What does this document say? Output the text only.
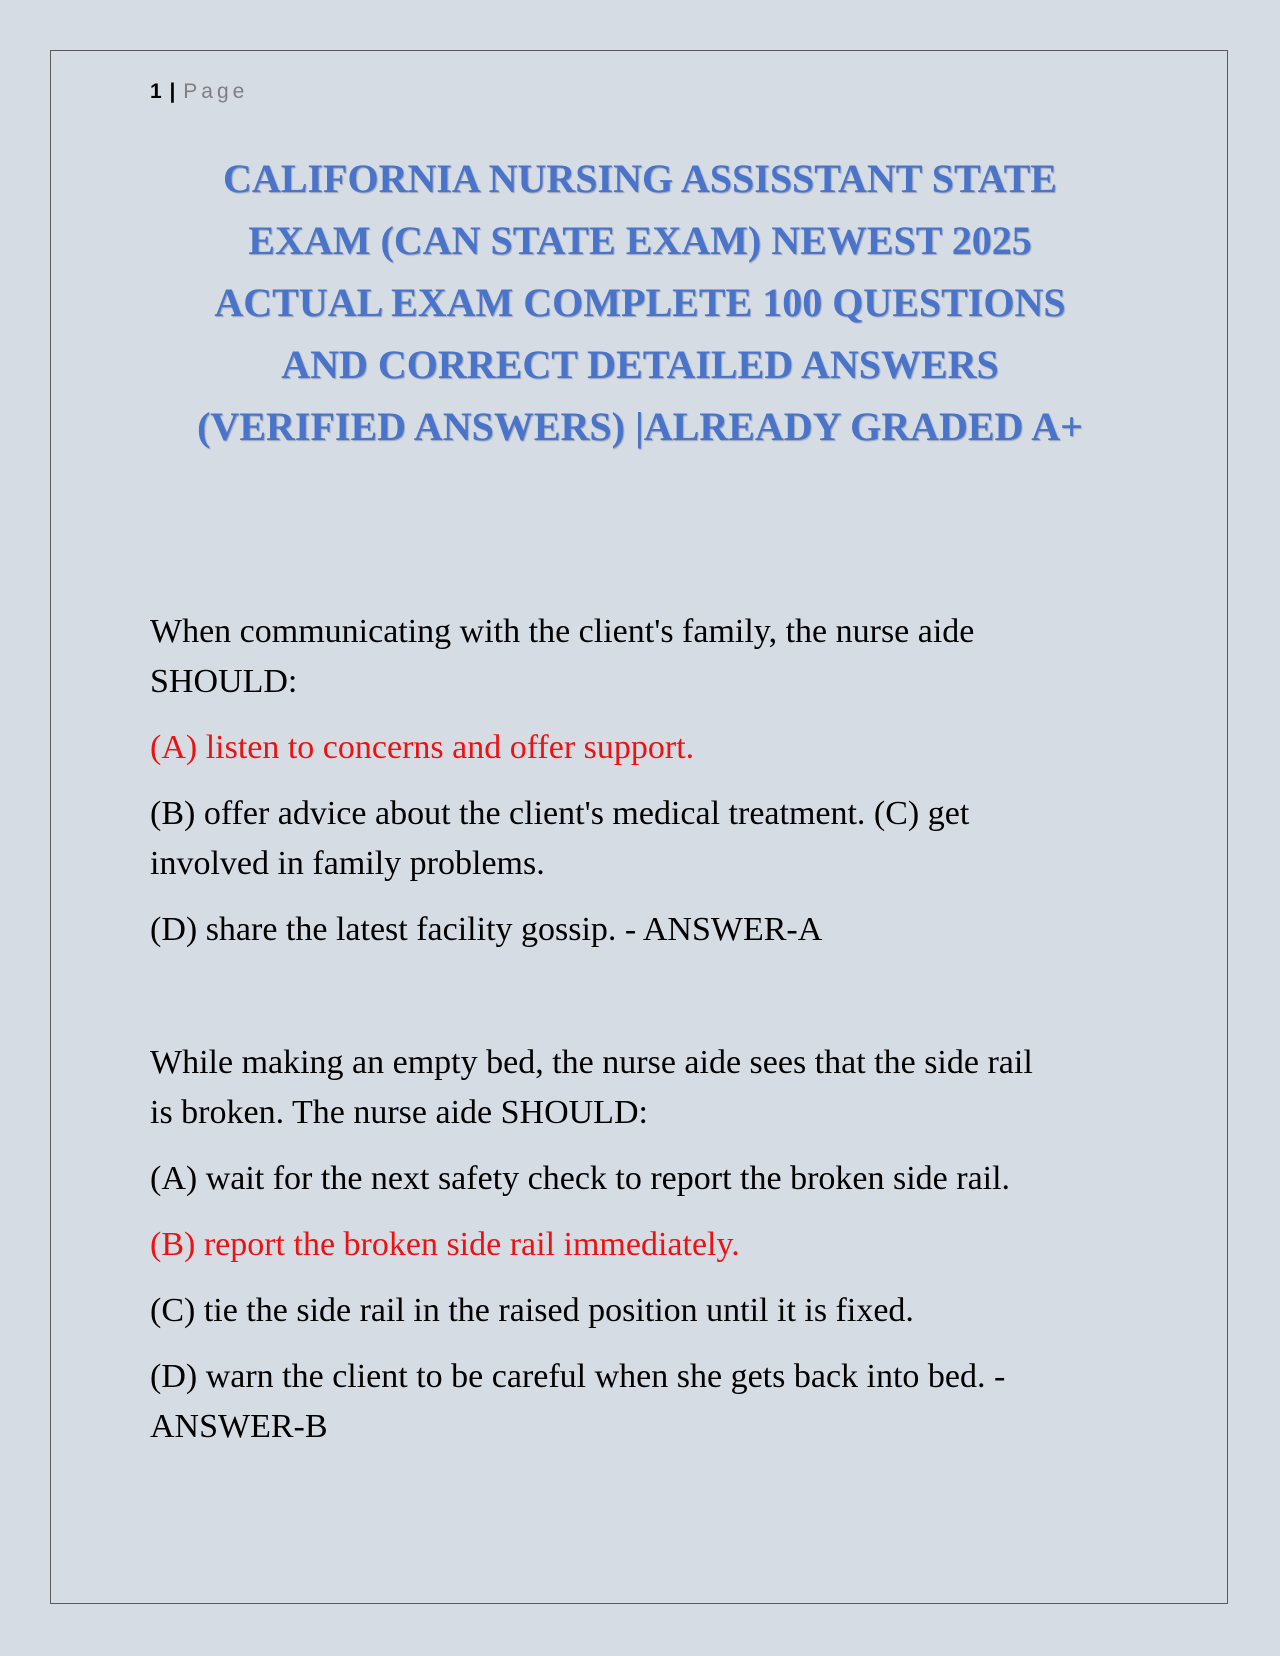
1 | Page
CALIFORNIA NURSING ASSISSTANT STATE
EXAM (CAN STATE EXAM) NEWEST 2025
ACTUAL EXAM COMPLETE 100 QUESTIONS
AND CORRECT DETAILED ANSWERS
(VERIFIED ANSWERS) |ALREADY GRADED A+

When communicating with the client's family, the nurse aide
SHOULD:

(A) listen to concerns and offer support.

(B) offer advice about the client's medical treatment. (C) get
involved in family problems.

(D) share the latest facility gossip. - ANSWER-A

While making an empty bed, the nurse aide sees that the side rail
is broken. The nurse aide SHOULD:

(A) wait for the next safety check to report the broken side rail.

(B) report the broken side rail immediately.

(C) tie the side rail in the raised position until it is fixed.

(D) warn the client to be careful when she gets back into bed. -
ANSWER-B
